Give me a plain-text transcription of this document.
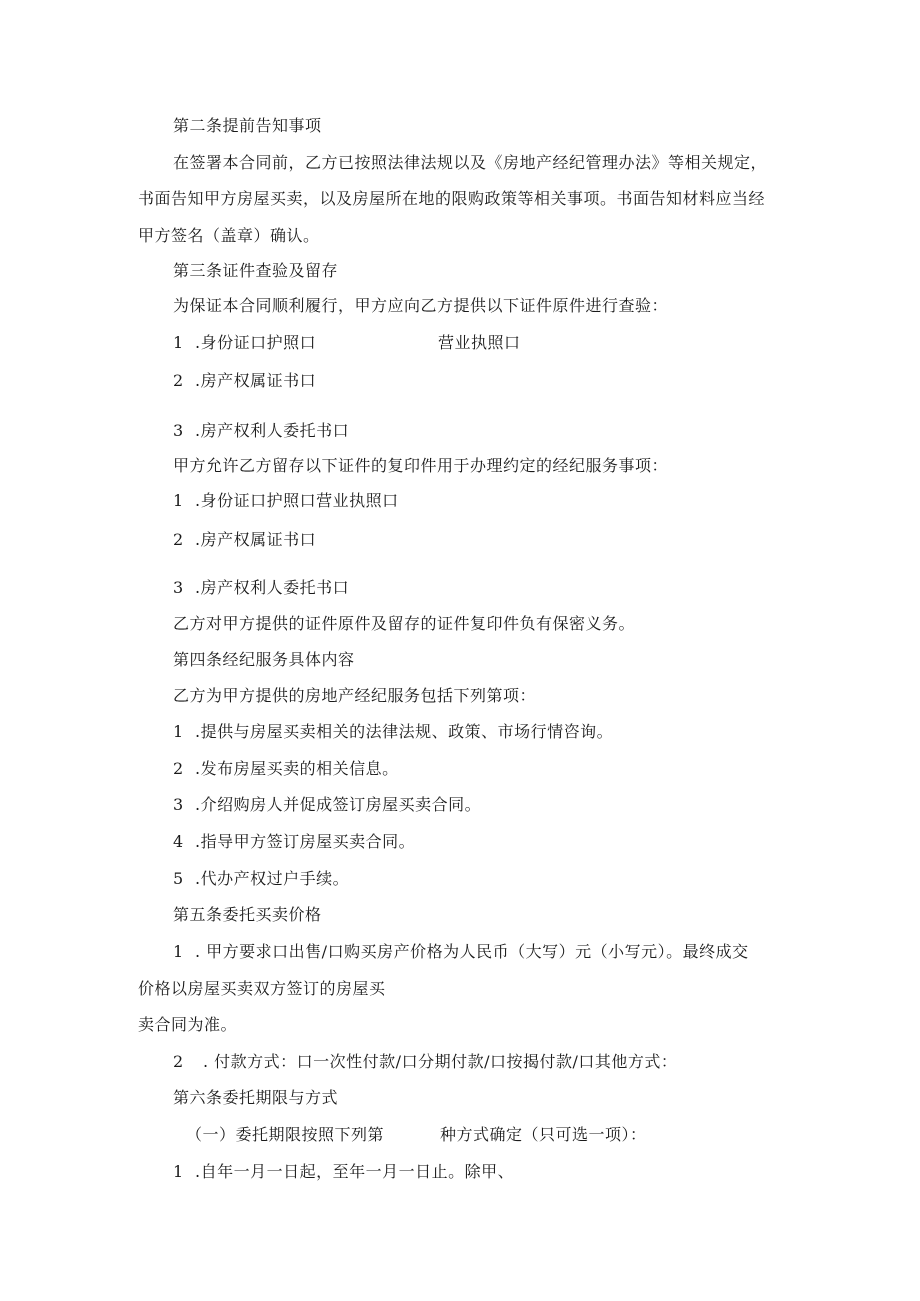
第二条提前告知事项
在签署本合同前，乙方已按照法律法规以及《房地产经纪管理办法》等相关规定，
书面告知甲方房屋买卖，以及房屋所在地的限购政策等相关事项。书面告知材料应当经
甲方签名（盖章）确认。
第三条证件查验及留存
为保证本合同顺利履行，甲方应向乙方提供以下证件原件进行查验：
1 .身份证口护照口	营业执照口
2 .房产权属证书口
3 .房产权利人委托书口
甲方允许乙方留存以下证件的复印件用于办理约定的经纪服务事项：
1 .身份证口护照口营业执照口
2 .房产权属证书口
3 .房产权利人委托书口
乙方对甲方提供的证件原件及留存的证件复印件负有保密义务。
第四条经纪服务具体内容
乙方为甲方提供的房地产经纪服务包括下列第项：
1 .提供与房屋买卖相关的法律法规、政策、市场行情咨询。
2 .发布房屋买卖的相关信息。
3 .介绍购房人并促成签订房屋买卖合同。
4 .指导甲方签订房屋买卖合同。
5 .代办产权过户手续。
第五条委托买卖价格
1 . 甲方要求口出售/口购买房产价格为人民币（大写）元（小写元）。最终成交
价格以房屋买卖双方签订的房屋买
卖合同为准。
2 . 付款方式：口一次性付款/口分期付款/口按揭付款/口其他方式：
第六条委托期限与方式
（一）委托期限按照下列第	种方式确定（只可选一项）：
1 .自年一月一日起，至年一月一日止。除甲、
